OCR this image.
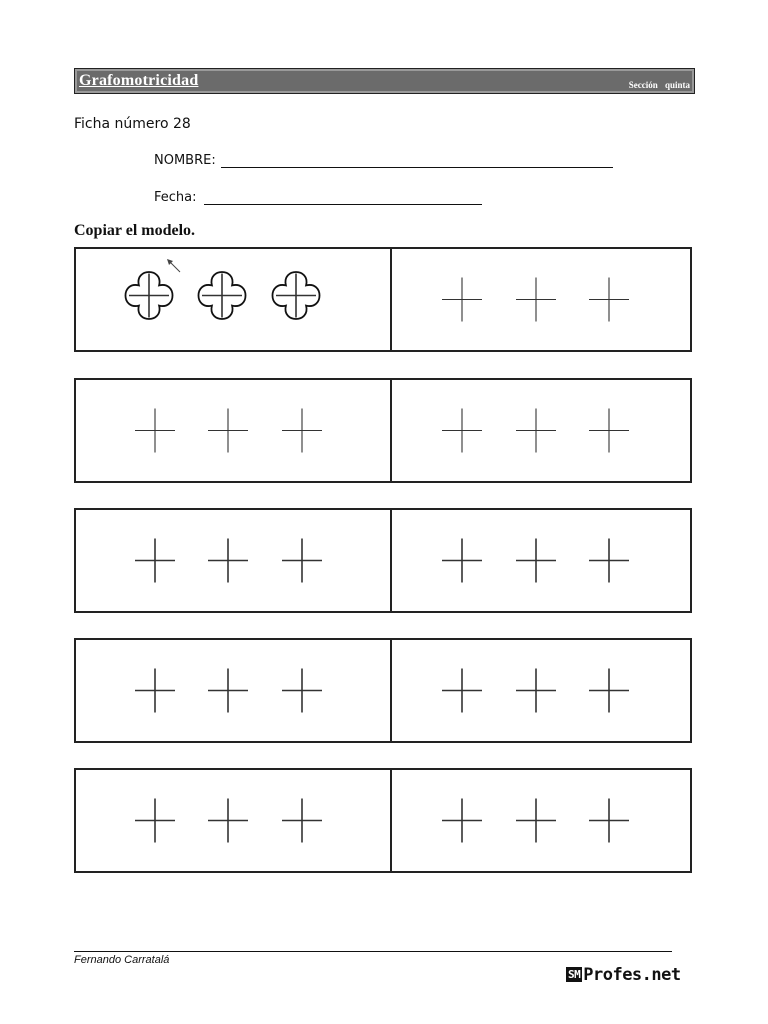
Grafomotricidad	Sección quinta
Ficha número 28
NOMBRE:
Fecha:
Copiar el modelo.
Fernando Carratalá
SM Profes.net
